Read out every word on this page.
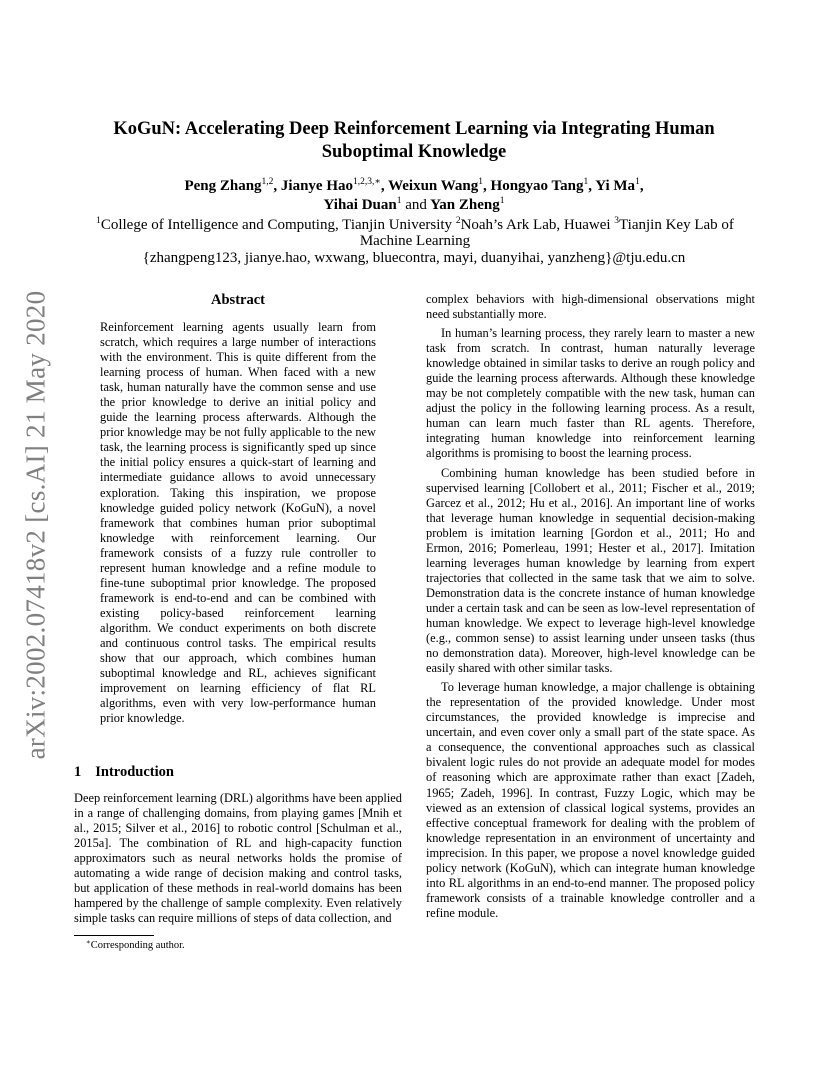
arXiv:2002.07418v2 [cs.AI] 21 May 2020
KoGuN: Accelerating Deep Reinforcement Learning via Integrating Human Suboptimal Knowledge
Peng Zhang$^{1,2}$, Jianye Hao$^{1,2,3,∗}$, Weixun Wang$^1$, Hongyao Tang$^1$, Yi Ma$^1$,
Yihai Duan$^1$ and Yan Zheng$^1$
$^1$College of Intelligence and Computing, Tianjin University $^2$Noah’s Ark Lab, Huawei $^3$Tianjin Key Lab of Machine Learning
{zhangpeng123, jianye.hao, wxwang, bluecontra, mayi, duanyihai, yanzheng}@tju.edu.cn
Abstract
Reinforcement learning agents usually learn from scratch, which requires a large number of interactions with the environment. This is quite different from the learning process of human. When faced with a new task, human naturally have the common sense and use the prior knowledge to derive an initial policy and guide the learning process afterwards. Although the prior knowledge may be not fully applicable to the new task, the learning process is significantly sped up since the initial policy ensures a quick-start of learning and intermediate guidance allows to avoid unnecessary exploration. Taking this inspiration, we propose knowledge guided policy network (KoGuN), a novel framework that combines human prior suboptimal knowledge with reinforcement learning. Our framework consists of a fuzzy rule controller to represent human knowledge and a refine module to fine-tune suboptimal prior knowledge. The proposed framework is end-to-end and can be combined with existing policy-based reinforcement learning algorithm. We conduct experiments on both discrete and continuous control tasks. The empirical results show that our approach, which combines human suboptimal knowledge and RL, achieves significant improvement on learning efficiency of flat RL algorithms, even with very low-performance human prior knowledge.
1 Introduction
Deep reinforcement learning (DRL) algorithms have been applied in a range of challenging domains, from playing games [Mnih et al., 2015; Silver et al., 2016] to robotic control [Schulman et al., 2015a]. The combination of RL and high-capacity function approximators such as neural networks holds the promise of automating a wide range of decision making and control tasks, but application of these methods in real-world domains has been hampered by the challenge of sample complexity. Even relatively simple tasks can require millions of steps of data collection, and

complex behaviors with high-dimensional observations might need substantially more.

In human’s learning process, they rarely learn to master a new task from scratch. In contrast, human naturally leverage knowledge obtained in similar tasks to derive an rough policy and guide the learning process afterwards. Although these knowledge may be not completely compatible with the new task, human can adjust the policy in the following learning process. As a result, human can learn much faster than RL agents. Therefore, integrating human knowledge into reinforcement learning algorithms is promising to boost the learning process.

Combining human knowledge has been studied before in supervised learning [Collobert et al., 2011; Fischer et al., 2019; Garcez et al., 2012; Hu et al., 2016]. An important line of works that leverage human knowledge in sequential decision-making problem is imitation learning [Gordon et al., 2011; Ho and Ermon, 2016; Pomerleau, 1991; Hester et al., 2017]. Imitation learning leverages human knowledge by learning from expert trajectories that collected in the same task that we aim to solve. Demonstration data is the concrete instance of human knowledge under a certain task and can be seen as low-level representation of human knowledge. We expect to leverage high-level knowledge (e.g., common sense) to assist learning under unseen tasks (thus no demonstration data). Moreover, high-level knowledge can be easily shared with other similar tasks.

To leverage human knowledge, a major challenge is obtaining the representation of the provided knowledge. Under most circumstances, the provided knowledge is imprecise and uncertain, and even cover only a small part of the state space. As a consequence, the conventional approaches such as classical bivalent logic rules do not provide an adequate model for modes of reasoning which are approximate rather than exact [Zadeh, 1965; Zadeh, 1996]. In contrast, Fuzzy Logic, which may be viewed as an extension of classical logical systems, provides an effective conceptual framework for dealing with the problem of knowledge representation in an environment of uncertainty and imprecision. In this paper, we propose a novel knowledge guided policy network (KoGuN), which can integrate human knowledge into RL algorithms in an end-to-end manner. The proposed policy framework consists of a trainable knowledge controller and a refine module.

∗Corresponding author.
